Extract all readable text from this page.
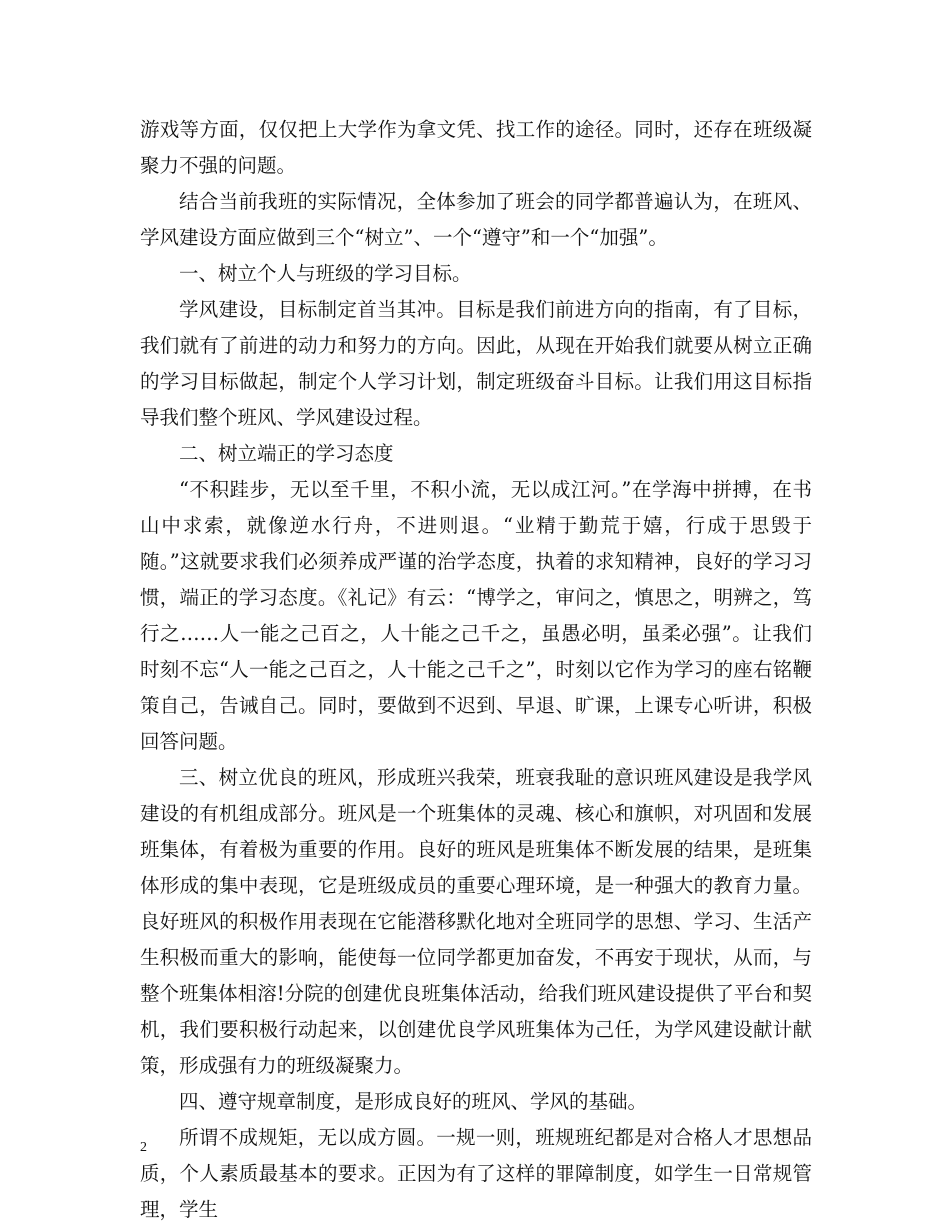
游戏等方面，仅仅把上大学作为拿文凭、找工作的途径。同时，还存在班级凝聚力不强的问题。

结合当前我班的实际情况，全体参加了班会的同学都普遍认为，在班风、学风建设方面应做到三个“树立”、一个“遵守”和一个“加强”。

一、树立个人与班级的学习目标。

学风建设，目标制定首当其冲。目标是我们前进方向的指南，有了目标，我们就有了前进的动力和努力的方向。因此，从现在开始我们就要从树立正确的学习目标做起，制定个人学习计划，制定班级奋斗目标。让我们用这目标指导我们整个班风、学风建设过程。

二、树立端正的学习态度

“不积跬步，无以至千里，不积小流，无以成江河。”在学海中拼搏，在书山中求索，就像逆水行舟，不进则退。“业精于勤荒于嬉，行成于思毁于随。”这就要求我们必须养成严谨的治学态度，执着的求知精神，良好的学习习惯，端正的学习态度。《礼记》有云：“博学之，审问之，慎思之，明辨之，笃行之……人一能之己百之，人十能之己千之，虽愚必明，虽柔必强”。让我们时刻不忘“人一能之己百之，人十能之己千之”，时刻以它作为学习的座右铭鞭策自己，告诫自己。同时，要做到不迟到、早退、旷课，上课专心听讲，积极回答问题。

三、树立优良的班风，形成班兴我荣，班衰我耻的意识班风建设是我学风建设的有机组成部分。班风是一个班集体的灵魂、核心和旗帜，对巩固和发展班集体，有着极为重要的作用。良好的班风是班集体不断发展的结果，是班集体形成的集中表现，它是班级成员的重要心理环境，是一种强大的教育力量。良好班风的积极作用表现在它能潜移默化地对全班同学的思想、学习、生活产生积极而重大的影响，能使每一位同学都更加奋发，不再安于现状，从而，与整个班集体相溶!分院的创建优良班集体活动，给我们班风建设提供了平台和契机，我们要积极行动起来，以创建优良学风班集体为己任，为学风建设献计献策，形成强有力的班级凝聚力。

四、遵守规章制度，是形成良好的班风、学风的基础。

所谓不成规矩，无以成方圆。一规一则，班规班纪都是对合格人才思想品质，个人素质最基本的要求。正因为有了这样的罪障制度，如学生一日常规管理，学生

2
